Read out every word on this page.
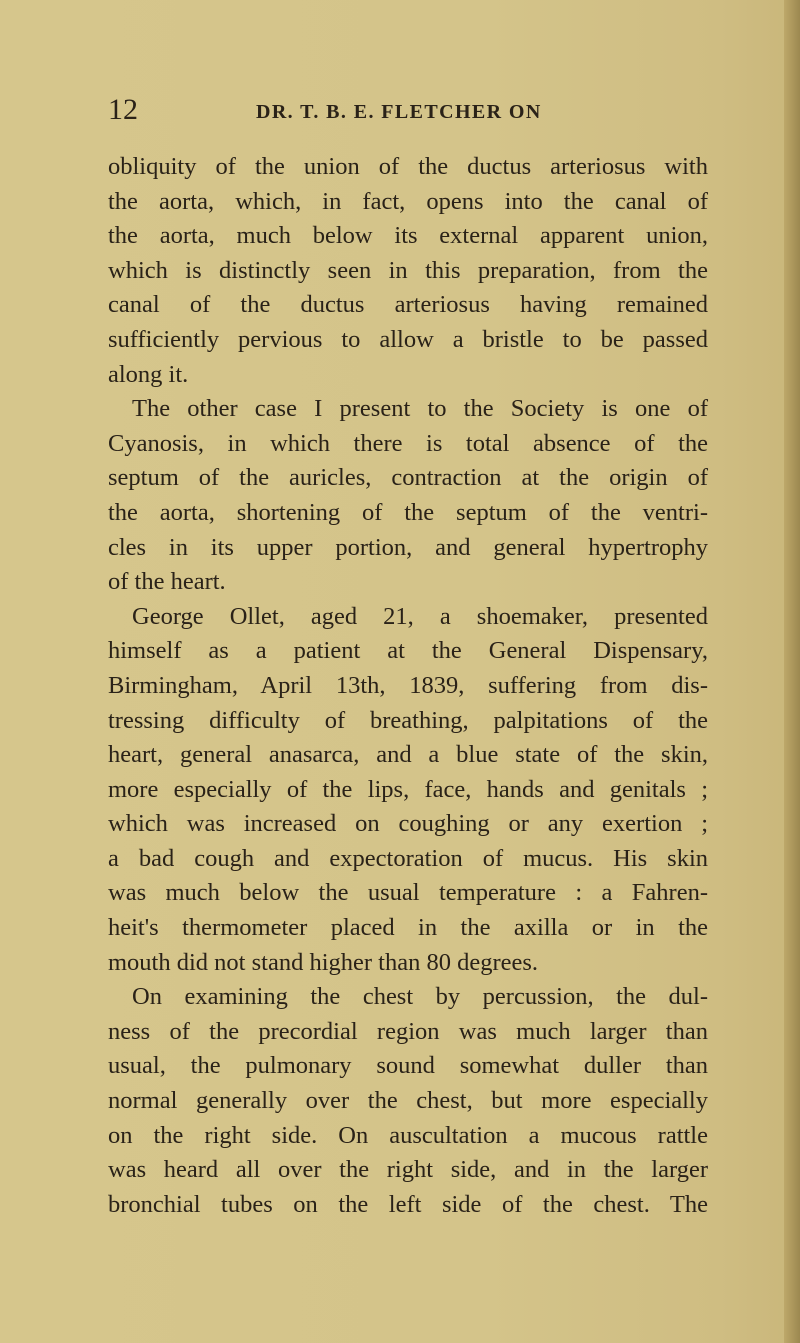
12	DR. T. B. E. FLETCHER ON
obliquity of the union of the ductus arteriosus with
the aorta, which, in fact, opens into the canal of
the aorta, much below its external apparent union,
which is distinctly seen in this preparation, from the
canal of the ductus arteriosus having remained
sufficiently pervious to allow a bristle to be passed
along it.
The other case I present to the Society is one of
Cyanosis, in which there is total absence of the
septum of the auricles, contraction at the origin of
the aorta, shortening of the septum of the ventri-
cles in its upper portion, and general hypertrophy
of the heart.
George Ollet, aged 21, a shoemaker, presented
himself as a patient at the General Dispensary,
Birmingham, April 13th, 1839, suffering from dis-
tressing difficulty of breathing, palpitations of the
heart, general anasarca, and a blue state of the skin,
more especially of the lips, face, hands and genitals ;
which was increased on coughing or any exertion ;
a bad cough and expectoration of mucus. His skin
was much below the usual temperature : a Fahren-
heit's thermometer placed in the axilla or in the
mouth did not stand higher than 80 degrees.
On examining the chest by percussion, the dul-
ness of the precordial region was much larger than
usual, the pulmonary sound somewhat duller than
normal generally over the chest, but more especially
on the right side. On auscultation a mucous rattle
was heard all over the right side, and in the larger
bronchial tubes on the left side of the chest. The
